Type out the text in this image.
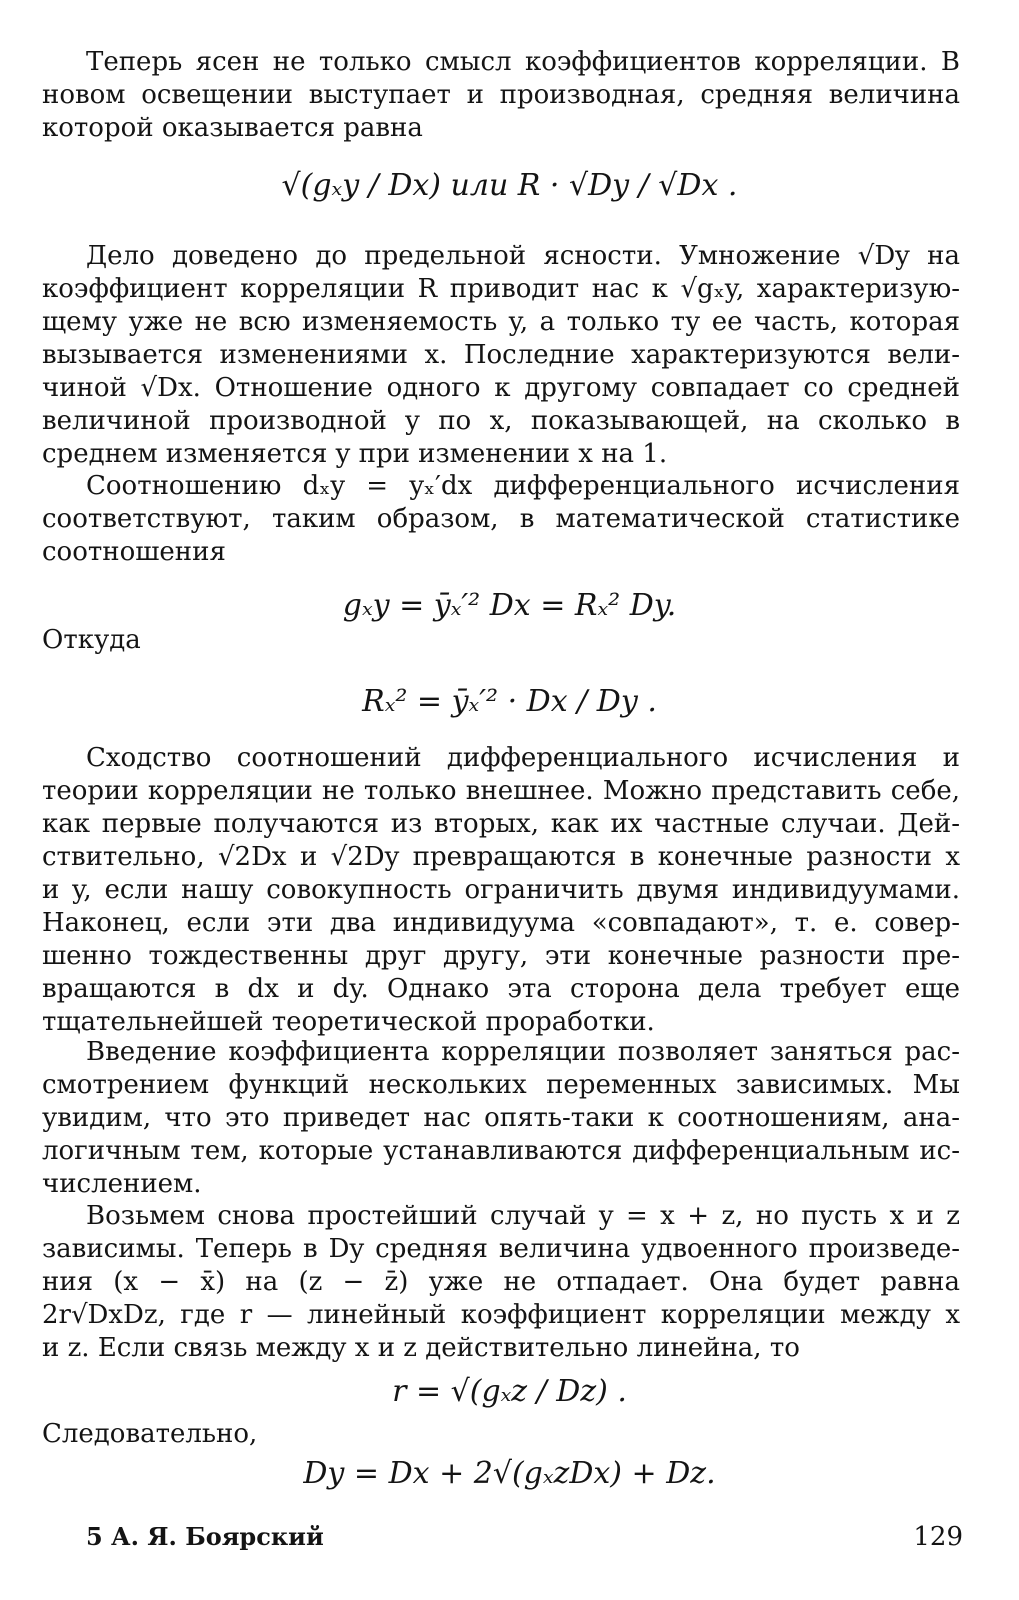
Теперь ясен не только смысл коэффициентов корреляции. В
новом освещении выступает и производная, средняя величина
которой оказывается равна
√(gₓy / Dx) или R · √Dy / √Dx .
Дело доведено до предельной ясности. Умножение √Dy на
коэффициент корреляции R приводит нас к √gₓy, характеризую-
щему уже не всю изменяемость y, а только ту ее часть, которая
вызывается изменениями x. Последние характеризуются вели-
чиной √Dx. Отношение одного к другому совпадает со средней
величиной производной y по x, показывающей, на сколько в
среднем изменяется y при изменении x на 1.
Соотношению dₓy = yₓ′dx дифференциального исчисления
соответствуют, таким образом, в математической статистике
соотношения
gₓy = ȳₓ′² Dx = Rₓ² Dy.
Откуда
Rₓ² = ȳₓ′² · Dx / Dy .
Сходство соотношений дифференциального исчисления и
теории корреляции не только внешнее. Можно представить себе,
как первые получаются из вторых, как их частные случаи. Дей-
ствительно, √2Dx и √2Dy превращаются в конечные разности x
и y, если нашу совокупность ограничить двумя индивидуумами.
Наконец, если эти два индивидуума «совпадают», т. е. совер-
шенно тождественны друг другу, эти конечные разности пре-
вращаются в dx и dy. Однако эта сторона дела требует еще
тщательнейшей теоретической проработки.
Введение коэффициента корреляции позволяет заняться рас-
смотрением функций нескольких переменных зависимых. Мы
увидим, что это приведет нас опять-таки к соотношениям, ана-
логичным тем, которые устанавливаются дифференциальным ис-
числением.
Возьмем снова простейший случай y = x + z, но пусть x и z
зависимы. Теперь в Dy средняя величина удвоенного произведе-
ния (x − x̄) на (z − z̄) уже не отпадает. Она будет равна
2r√DxDz, где r — линейный коэффициент корреляции между x
и z. Если связь между x и z действительно линейна, то
r = √(gₓz / Dz) .
Следовательно,
Dy = Dx + 2√(gₓzDx) + Dz.
5 А. Я. Боярский	129
